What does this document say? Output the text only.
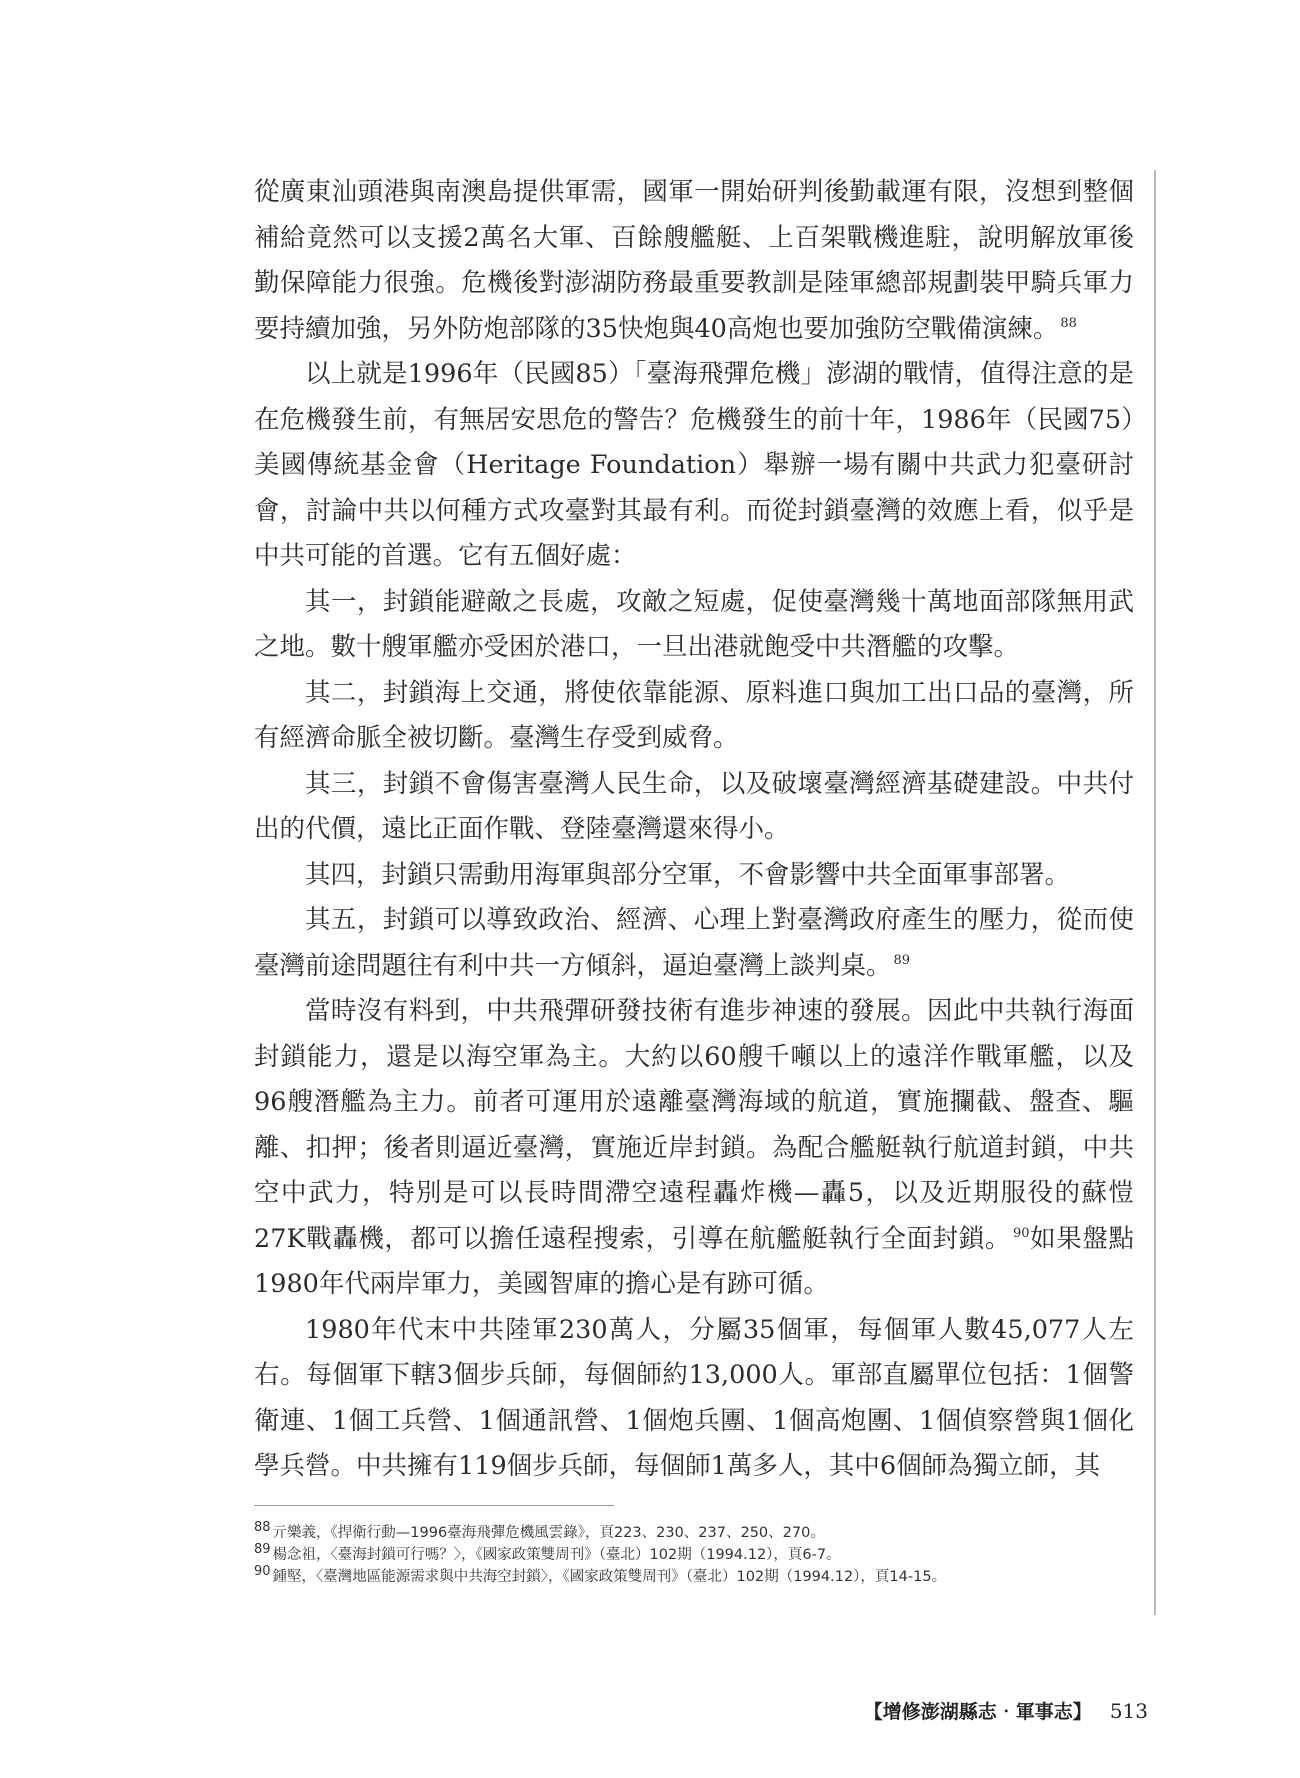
從廣東汕頭港與南澳島提供軍需，國軍一開始研判後勤載運有限，沒想到整個補給竟然可以支援2萬名大軍、百餘艘艦艇、上百架戰機進駐，說明解放軍後勤保障能力很強。危機後對澎湖防務最重要教訓是陸軍總部規劃裝甲騎兵軍力要持續加強，另外防炮部隊的35快炮與40高炮也要加強防空戰備演練。 $^{88}$

以上就是1996年（民國85）「臺海飛彈危機」澎湖的戰情，值得注意的是在危機發生前，有無居安思危的警告？危機發生的前十年，1986年（民國75）美國傳統基金會（Heritage Foundation）舉辦一場有關中共武力犯臺研討會，討論中共以何種方式攻臺對其最有利。而從封鎖臺灣的效應上看，似乎是中共可能的首選。它有五個好處：

其一，封鎖能避敵之長處，攻敵之短處，促使臺灣幾十萬地面部隊無用武之地。數十艘軍艦亦受困於港口，一旦出港就飽受中共潛艦的攻擊。

其二，封鎖海上交通，將使依靠能源、原料進口與加工出口品的臺灣，所有經濟命脈全被切斷。臺灣生存受到威脅。

其三，封鎖不會傷害臺灣人民生命，以及破壞臺灣經濟基礎建設。中共付出的代價，遠比正面作戰、登陸臺灣還來得小。

其四，封鎖只需動用海軍與部分空軍，不會影響中共全面軍事部署。

其五，封鎖可以導致政治、經濟、心理上對臺灣政府產生的壓力，從而使臺灣前途問題往有利中共一方傾斜，逼迫臺灣上談判桌。 $^{89}$

當時沒有料到，中共飛彈研發技術有進步神速的發展。因此中共執行海面封鎖能力，還是以海空軍為主。大約以60艘千噸以上的遠洋作戰軍艦，以及96艘潛艦為主力。前者可運用於遠離臺灣海域的航道，實施攔截、盤查、驅離、扣押；後者則逼近臺灣，實施近岸封鎖。為配合艦艇執行航道封鎖，中共空中武力，特別是可以長時間滯空遠程轟炸機—轟5，以及近期服役的蘇愷27K戰轟機，都可以擔任遠程搜索，引導在航艦艇執行全面封鎖。 $^{90}$如果盤點1980年代兩岸軍力，美國智庫的擔心是有跡可循。

1980年代末中共陸軍230萬人，分屬35個軍，每個軍人數45,077人左右。每個軍下轄3個步兵師，每個師約13,000人。軍部直屬單位包括：1個警衛連、1個工兵營、1個通訊營、1個炮兵團、1個高炮團、1個偵察營與1個化學兵營。中共擁有119個步兵師，每個師1萬多人，其中6個師為獨立師，其

88 亓樂義，《捍衛行動—1996臺海飛彈危機風雲錄》，頁223、230、237、250、270。

89 楊念祖，〈臺海封鎖可行嗎？〉，《國家政策雙周刊》（臺北）102期（1994.12），頁6-7。

90 鍾堅，〈臺灣地區能源需求與中共海空封鎖〉，《國家政策雙周刊》（臺北）102期（1994.12），頁14-15。

【增修澎湖縣志‧軍事志】 513
